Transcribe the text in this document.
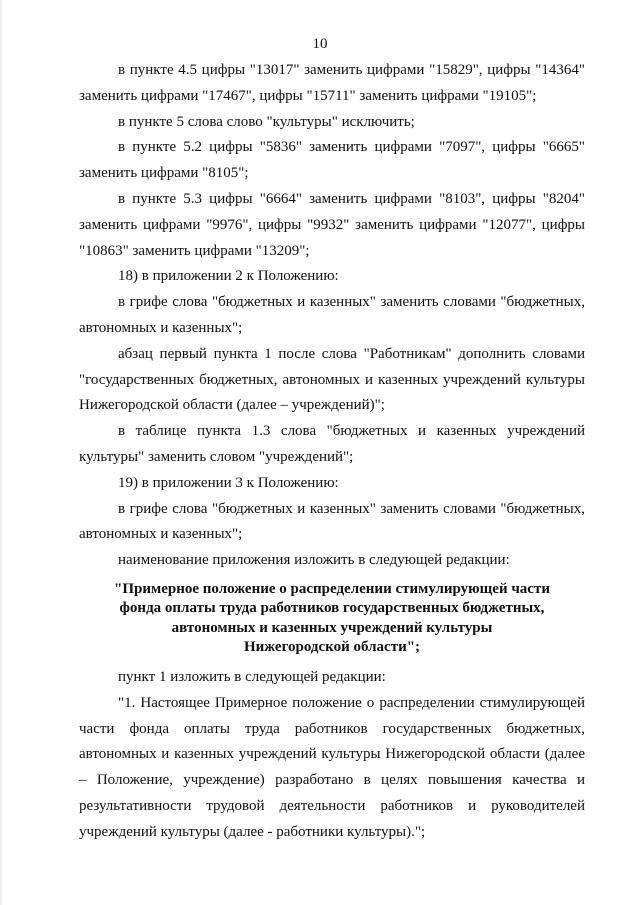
10

в пункте 4.5 цифры "13017" заменить цифрами "15829", цифры "14364" заменить цифрами "17467", цифры "15711" заменить цифрами "19105";

в пункте 5 слова слово "культуры" исключить;

в пункте 5.2 цифры "5836" заменить цифрами "7097", цифры "6665" заменить цифрами "8105";

в пункте 5.3 цифры "6664" заменить цифрами "8103", цифры "8204" заменить цифрами "9976", цифры "9932" заменить цифрами "12077", цифры "10863" заменить цифрами "13209";

18) в приложении 2 к Положению:

в грифе слова "бюджетных и казенных" заменить словами "бюджетных, автономных и казенных";

абзац первый пункта 1 после слова "Работникам" дополнить словами "государственных бюджетных, автономных и казенных учреждений культуры Нижегородской области (далее – учреждений)";

в таблице пункта 1.3 слова "бюджетных и казенных учреждений культуры" заменить словом "учреждений";

19) в приложении 3 к Положению:

в грифе слова "бюджетных и казенных" заменить словами "бюджетных, автономных и казенных";

наименование приложения изложить в следующей редакции:

"Примерное положение о распределении стимулирующей части
фонда оплаты труда работников государственных бюджетных,
автономных и казенных учреждений культуры
Нижегородской области";

пункт 1 изложить в следующей редакции:

"1. Настоящее Примерное положение о распределении стимулирующей части фонда оплаты труда работников государственных бюджетных, автономных и казенных учреждений культуры Нижегородской области (далее – Положение, учреждение) разработано в целях повышения качества и результативности трудовой деятельности работников и руководителей учреждений культуры (далее - работники культуры).";
